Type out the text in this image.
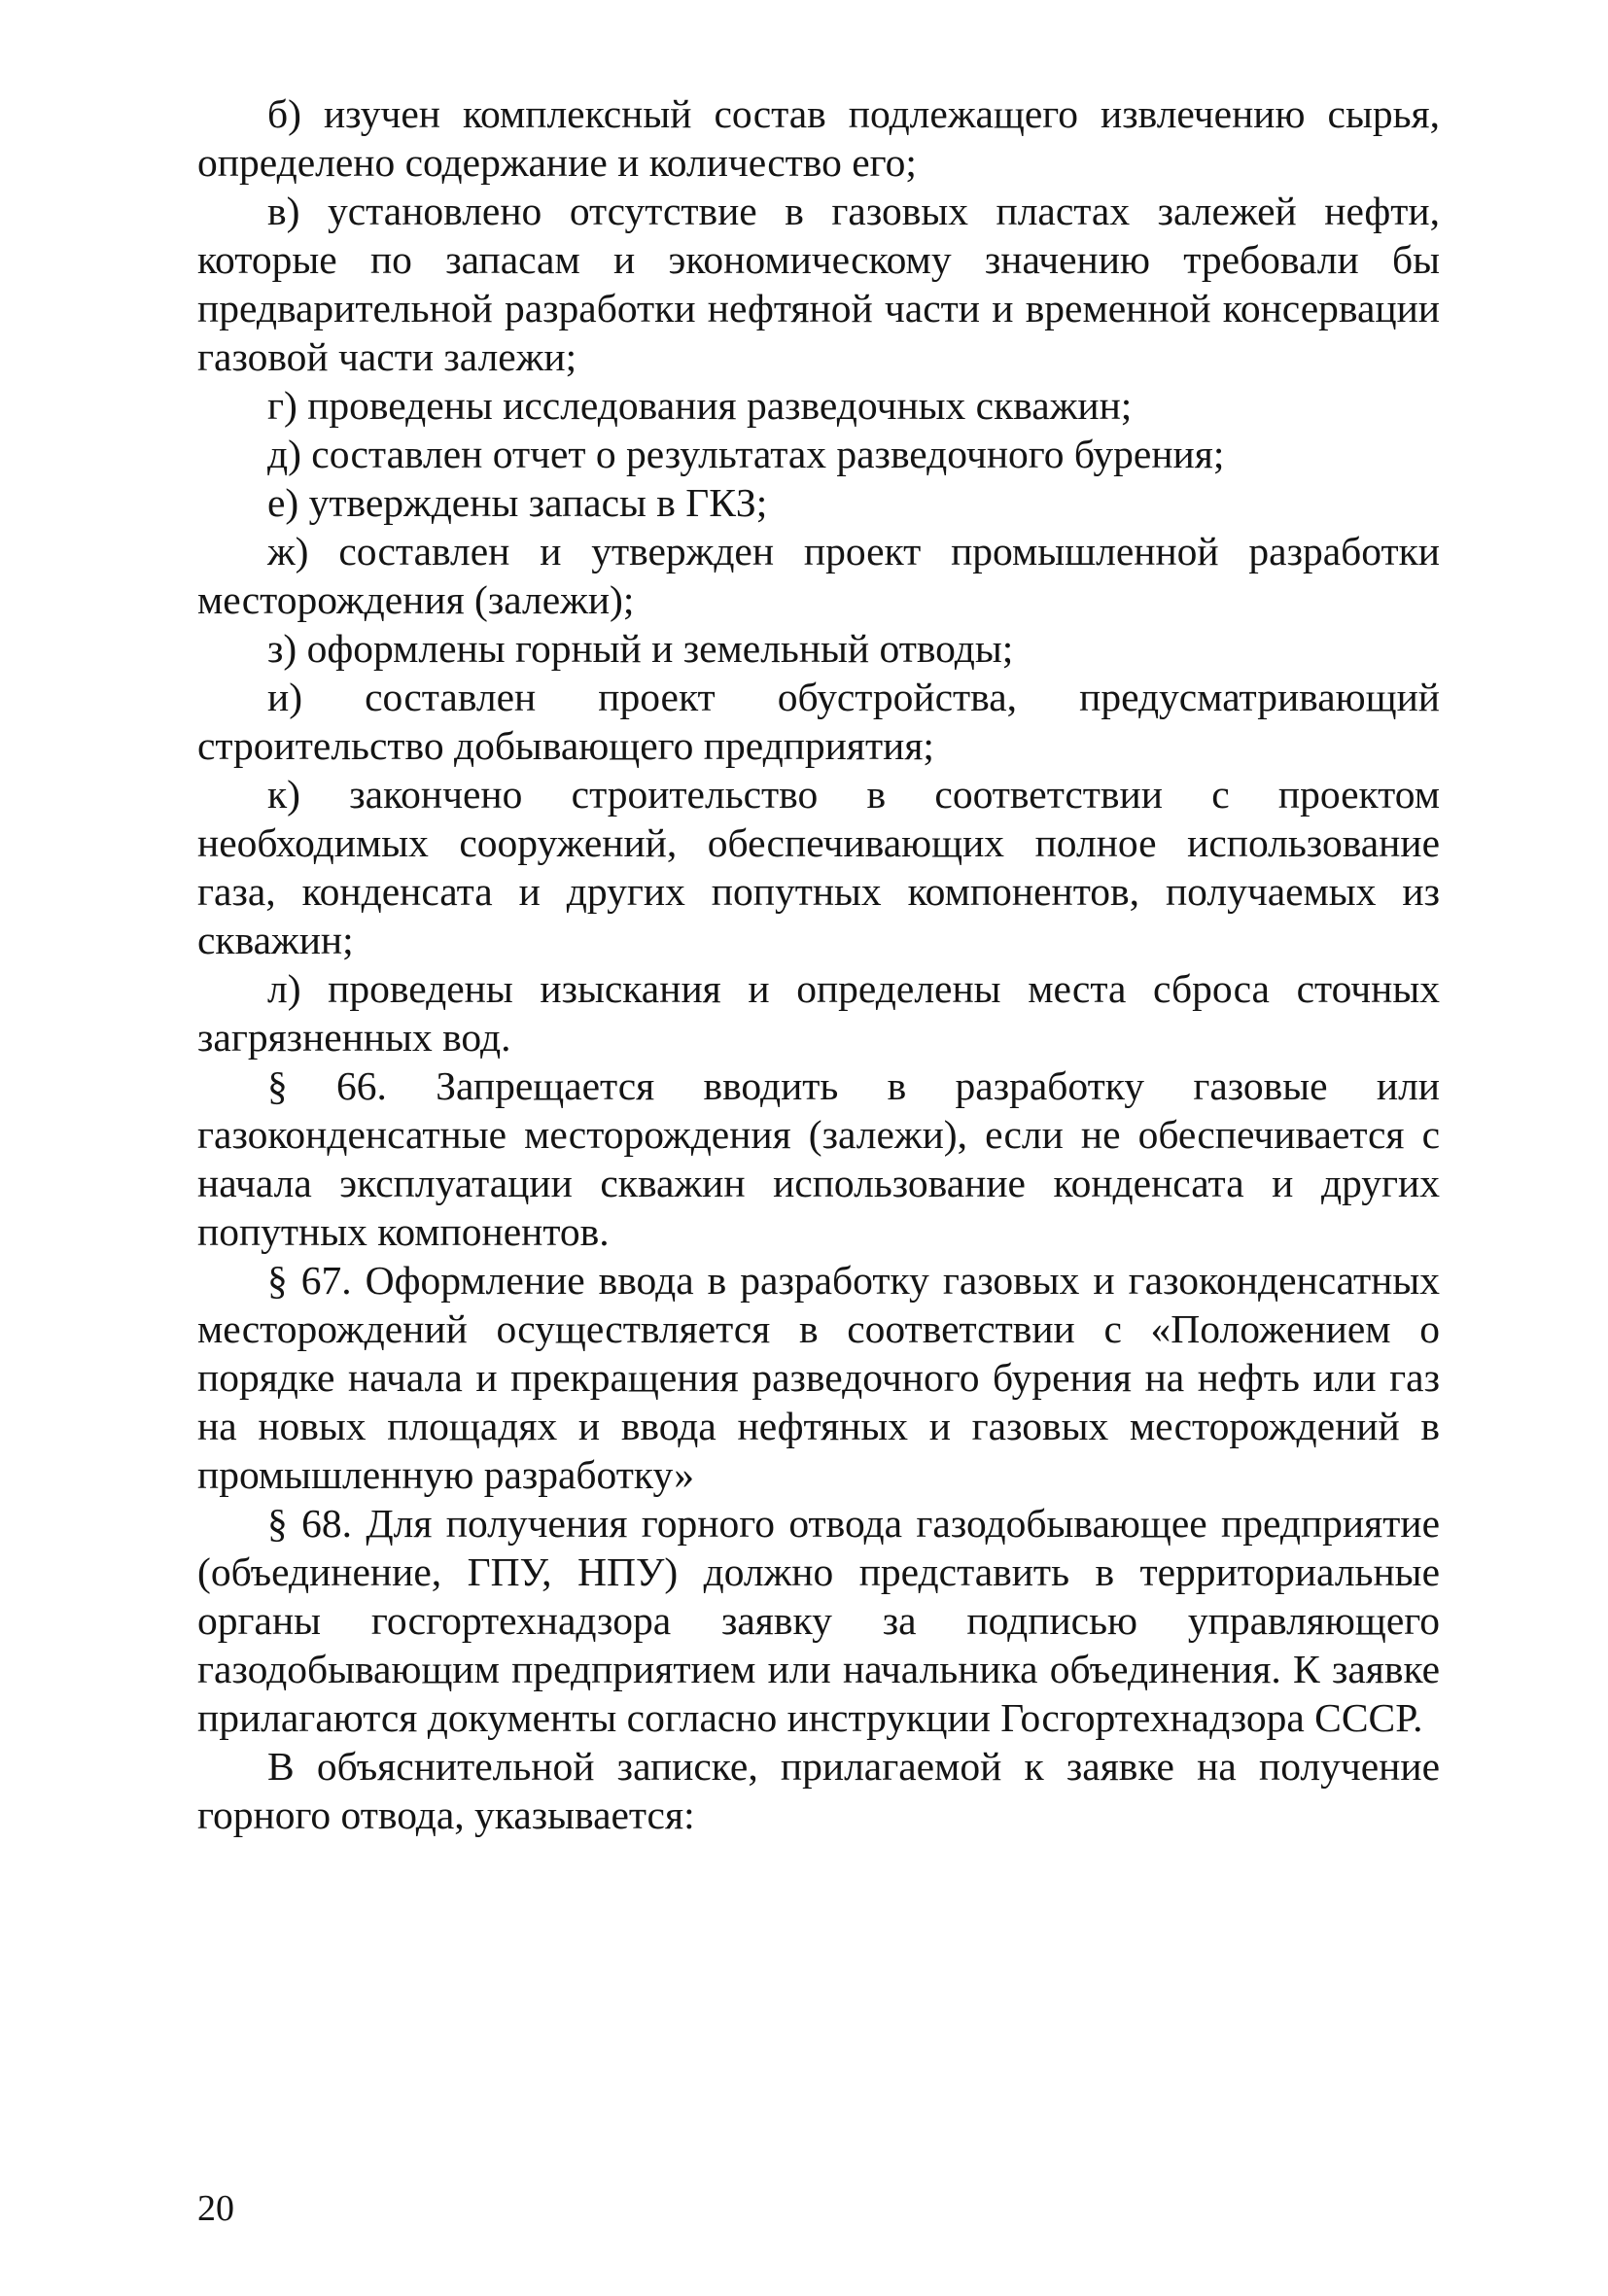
б) изучен комплексный состав подлежащего извлечению сырья, определено содержание и количество его;

в) установлено отсутствие в газовых пластах залежей нефти, которые по запасам и экономическому значению требовали бы предварительной разработки нефтяной части и временной консервации газовой части залежи;

г) проведены исследования разведочных скважин;

д) составлен отчет о результатах разведочного бурения;

е) утверждены запасы в ГКЗ;

ж) составлен и утвержден проект промышленной разработки месторождения (залежи);

з) оформлены горный и земельный отводы;

и) составлен проект обустройства, предусматривающий строительство добывающего предприятия;

к) закончено строительство в соответствии с проектом необходимых сооружений, обеспечивающих полное использование газа, конденсата и других попутных компонентов, получаемых из скважин;

л) проведены изыскания и определены места сброса сточных загрязненных вод.

§ 66. Запрещается вводить в разработку газовые или газоконденсатные месторождения (залежи), если не обеспечивается с начала эксплуатации скважин использование конденсата и других попутных компонентов.

§ 67. Оформление ввода в разработку газовых и газоконденсатных месторождений осуществляется в соответствии с «Положением о порядке начала и прекращения разведочного бурения на нефть или газ на новых площадях и ввода нефтяных и газовых месторождений в промышленную разработку»

§ 68. Для получения горного отвода газодобывающее предприятие (объединение, ГПУ, НПУ) должно представить в территориальные органы госгортехнадзора заявку за подписью управляющего газодобывающим предприятием или начальника объединения. К заявке прилагаются документы согласно инструкции Госгортехнадзора СССР.

В объяснительной записке, прилагаемой к заявке на получение горного отвода, указывается:

20
